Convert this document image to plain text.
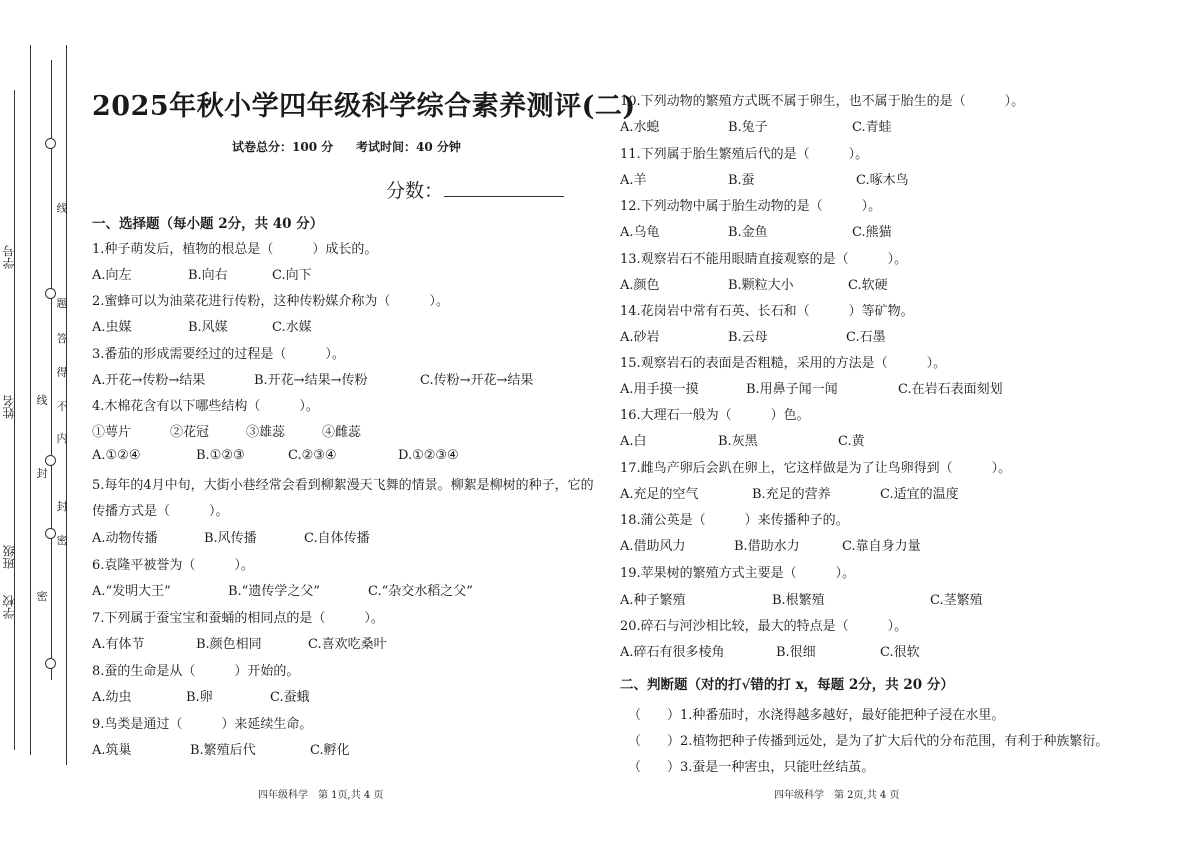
学号
姓名
班级
学校
线
题
答
得
不
内
封
密
线
封
密
2025年秋小学四年级科学综合素养测评(二)
试卷总分：100 分 考试时间：40 分钟
分数：
一、选择题（每小题 2分，共 40 分）
1.种子萌发后，植物的根总是（　　　）成长的。
A.向左	B.向右	C.向下
2.蜜蜂可以为油菜花进行传粉，这种传粉媒介称为（　　　）。
A.虫媒	B.风媒	C.水媒
3.番茄的形成需要经过的过程是（　　　）。
A.开花→传粉→结果	B.开花→结果→传粉	C.传粉→开花→结果
4.木棉花含有以下哪些结构（　　　）。
①萼片	②花冠	③雄蕊	④雌蕊
A.①②④	B.①②③	C.②③④	D.①②③④
5.每年的4月中旬，大街小巷经常会看到柳絮漫天飞舞的情景。柳絮是柳树的种子，它的
传播方式是（　　　）。
A.动物传播	B.风传播	C.自体传播
6.袁隆平被誉为（　　　）。
A.“发明大王”	B.“遗传学之父”	C.“杂交水稻之父”
7.下列属于蚕宝宝和蚕蛹的相同点的是（　　　）。
A.有体节	B.颜色相同	C.喜欢吃桑叶
8.蚕的生命是从（　　　）开始的。
A.幼虫	B.卵	C.蚕蛾
9.鸟类是通过（　　　）来延续生命。
A.筑巢	B.繁殖后代	C.孵化
10.下列动物的繁殖方式既不属于卵生，也不属于胎生的是（　　　）。
A.水螅	B.兔子	C.青蛙
11.下列属于胎生繁殖后代的是（　　　）。
A.羊	B.蚕	C.啄木鸟
12.下列动物中属于胎生动物的是（　　　）。
A.乌龟	B.金鱼	C.熊猫
13.观察岩石不能用眼睛直接观察的是（　　　）。
A.颜色	B.颗粒大小	C.软硬
14.花岗岩中常有石英、长石和（　　　）等矿物。
A.砂岩	B.云母	C.石墨
15.观察岩石的表面是否粗糙，采用的方法是（　　　）。
A.用手摸一摸	B.用鼻子闻一闻	C.在岩石表面刻划
16.大理石一般为（　　　）色。
A.白	B.灰黑	C.黄
17.雌鸟产卵后会趴在卵上，它这样做是为了让鸟卵得到（　　　）。
A.充足的空气	B.充足的营养	C.适宜的温度
18.蒲公英是（　　　）来传播种子的。
A.借助风力	B.借助水力	C.靠自身力量
19.苹果树的繁殖方式主要是（　　　）。
A.种子繁殖	B.根繁殖	C.茎繁殖
20.碎石与河沙相比较，最大的特点是（　　　）。
A.碎石有很多棱角	B.很细	C.很软
二、判断题（对的打√错的打 x，每题 2分，共 20 分）
（　　）1.种番茄时，水浇得越多越好，最好能把种子浸在水里。
（　　）2.植物把种子传播到远处，是为了扩大后代的分布范围，有利于种族繁衍。
（　　）3.蚕是一种害虫，只能吐丝结茧。
四年级科学　第 1页,共 4 页	四年级科学　第 2页,共 4 页
